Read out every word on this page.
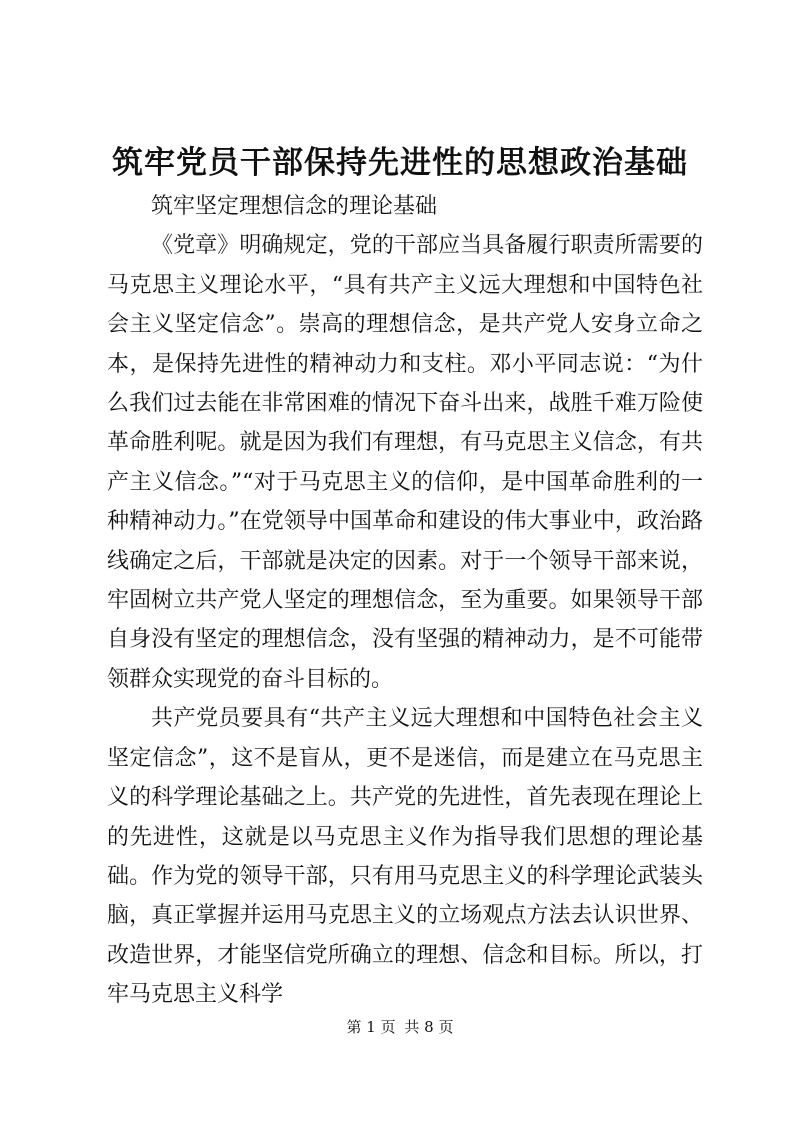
筑牢党员干部保持先进性的思想政治基础

筑牢坚定理想信念的理论基础

《党章》明确规定，党的干部应当具备履行职责所需要的马克思主义理论水平，“具有共产主义远大理想和中国特色社会主义坚定信念”。崇高的理想信念，是共产党人安身立命之本，是保持先进性的精神动力和支柱。邓小平同志说：“为什么我们过去能在非常困难的情况下奋斗出来，战胜千难万险使革命胜利呢。就是因为我们有理想，有马克思主义信念，有共产主义信念。”“对于马克思主义的信仰，是中国革命胜利的一种精神动力。”在党领导中国革命和建设的伟大事业中，政治路线确定之后，干部就是决定的因素。对于一个领导干部来说，牢固树立共产党人坚定的理想信念，至为重要。如果领导干部自身没有坚定的理想信念，没有坚强的精神动力，是不可能带领群众实现党的奋斗目标的。

共产党员要具有“共产主义远大理想和中国特色社会主义坚定信念”，这不是盲从，更不是迷信，而是建立在马克思主义的科学理论基础之上。共产党的先进性，首先表现在理论上的先进性，这就是以马克思主义作为指导我们思想的理论基础。作为党的领导干部，只有用马克思主义的科学理论武装头脑，真正掌握并运用马克思主义的立场观点方法去认识世界、改造世界，才能坚信党所确立的理想、信念和目标。所以，打牢马克思主义科学

第 1 页 共 8 页
